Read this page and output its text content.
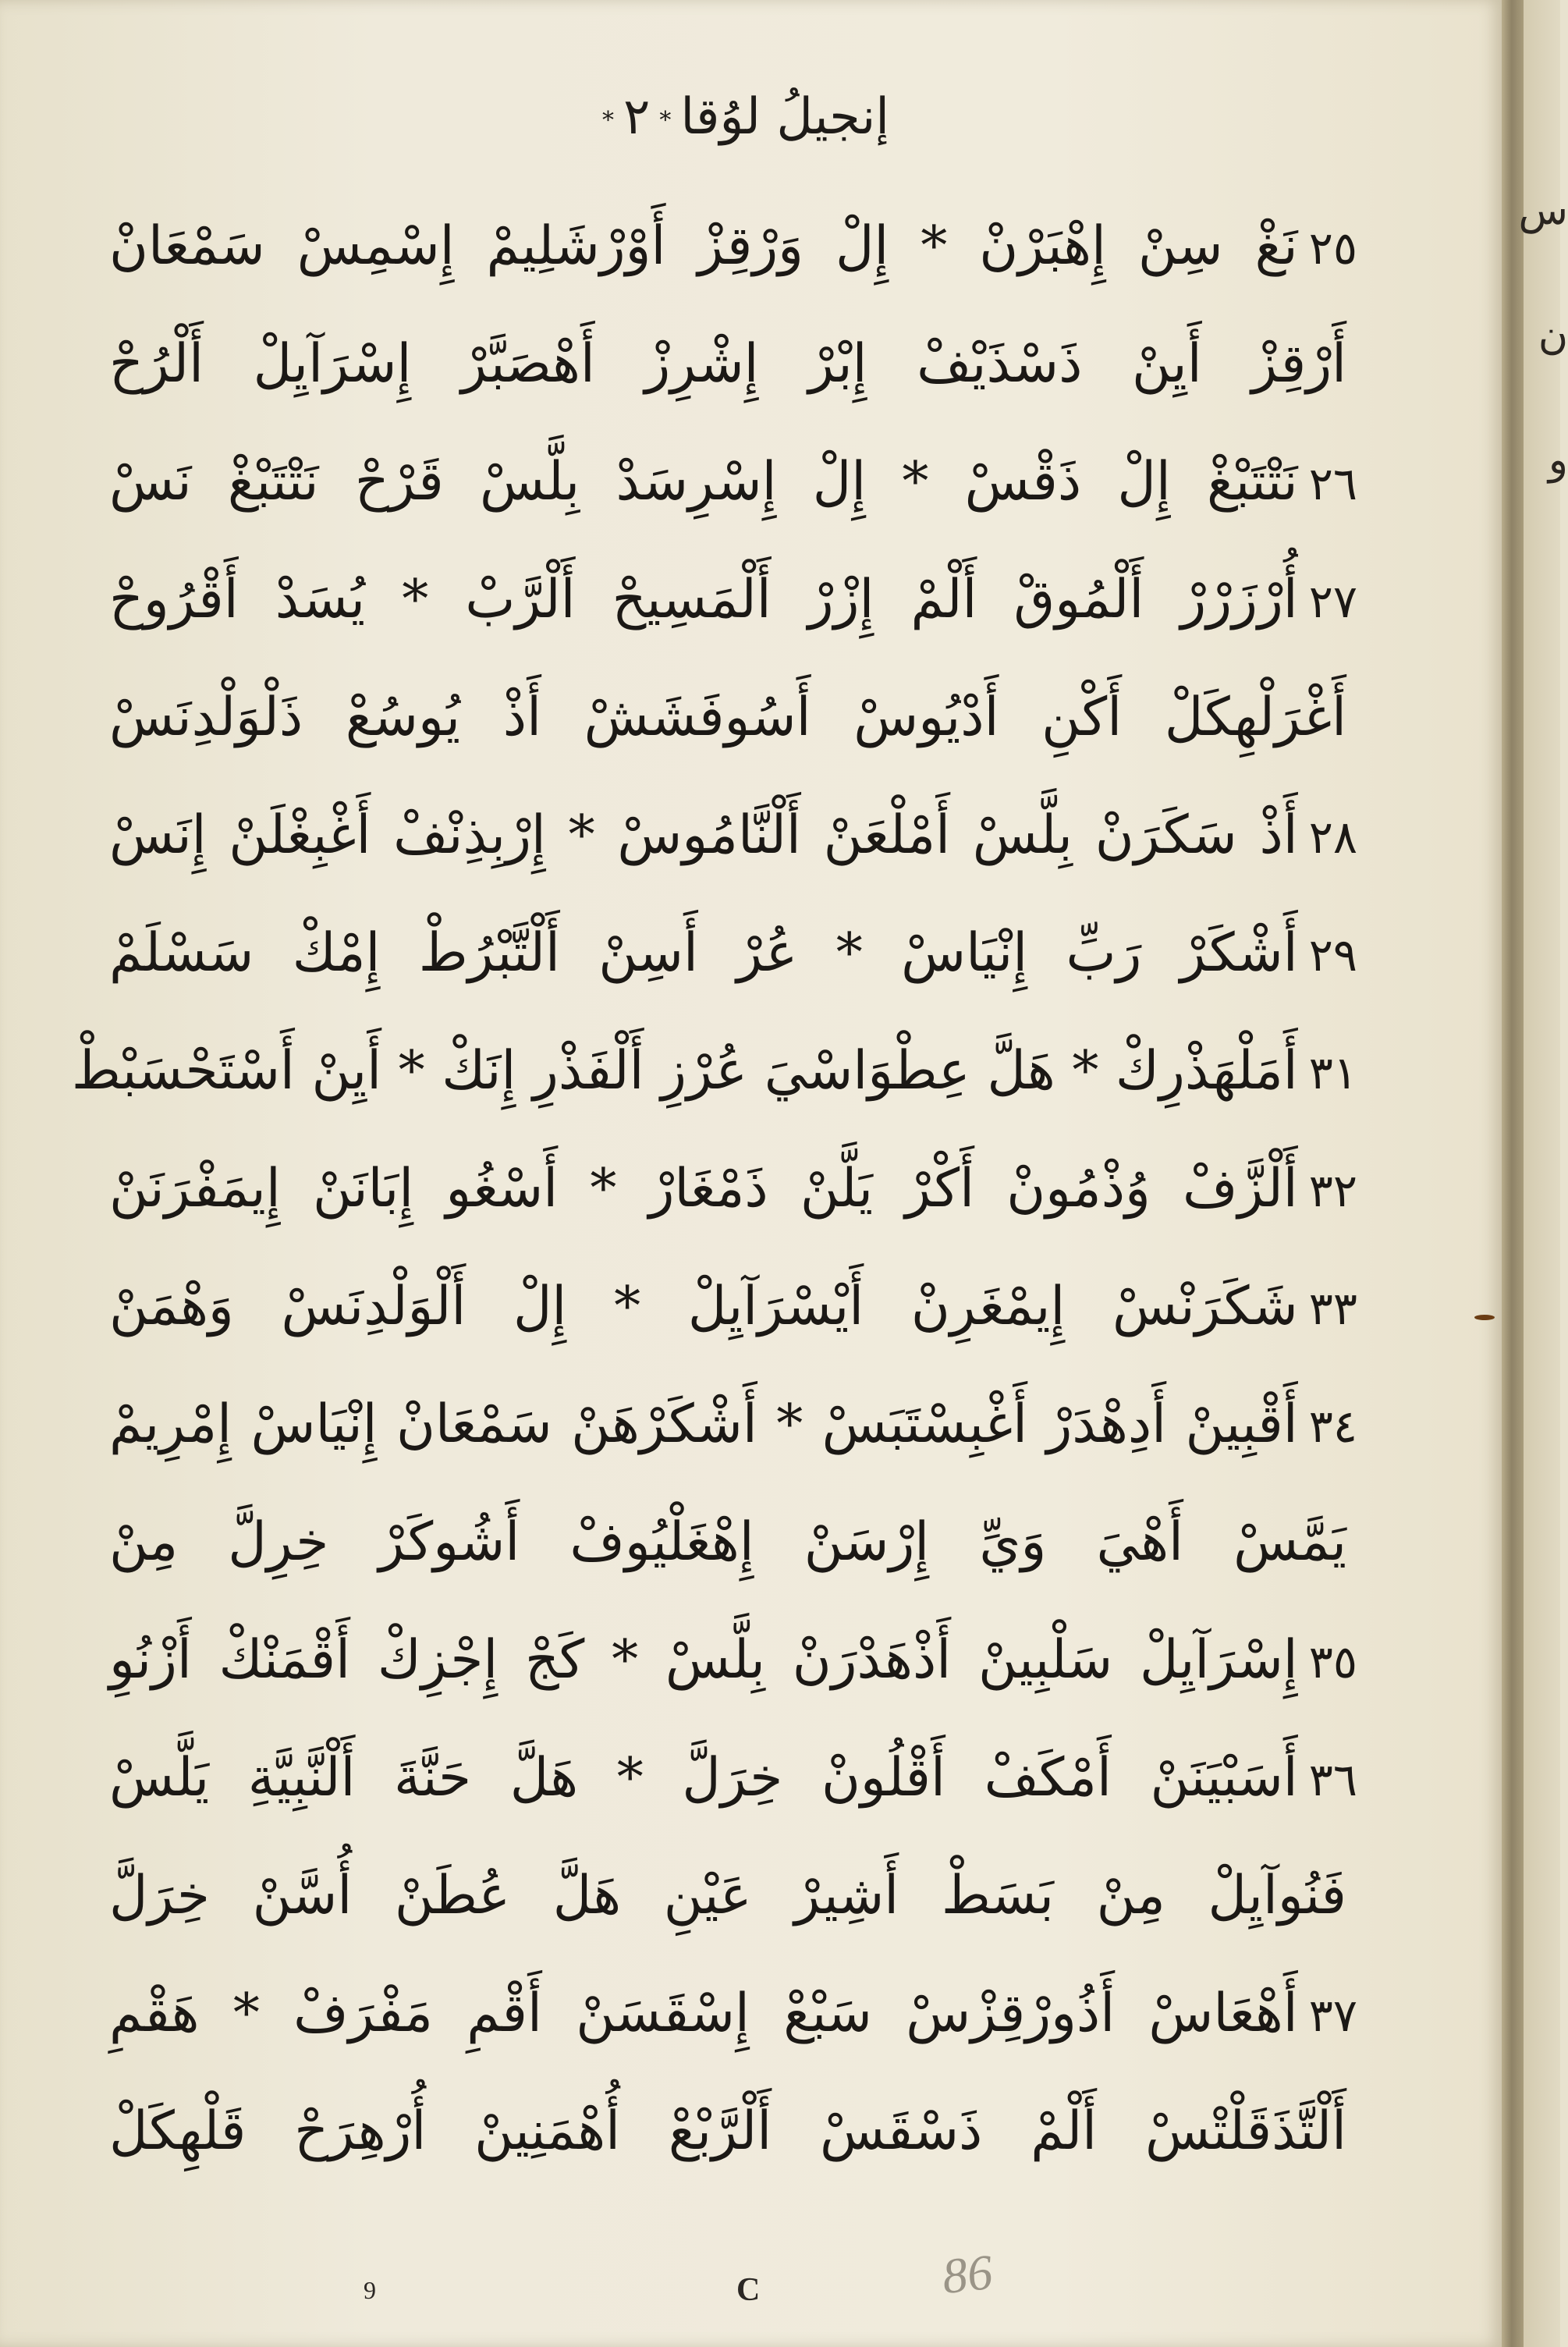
إنجيلُ لوُقا*٢*
٢٥نَغْ سِنْ إِهْبَرْنْ * إِلْ وَرْقِزْ أَوْرْشَلِيمْ إِسْمِسْ سَمْعَانْ
أَرْقِزْ أَيِنْ ذَسْذَيْفْ إِبْرْ إِشْرِزْ أَهْصَبَّرْ إِسْرَآيِلْ أَلْرُحْ
٢٦نَتْتَبْغْ إِلْ ذَقْسْ * إِلْ إِسْرِسَدْ بِلَّسْ قَرْحْ نَتْتَبْغْ نَسْ
٢٧أُرْزَرْرْ أَلْمُوقْ أَلْمْ إِزْرْ أَلْمَسِيحْ أَلْرَّبْ * يُسَدْ أَقْرُوحْ
أَغْرَلْهِكَلْ أَكْنِ أَدْيُوسْ أَسُوفَشَشْ أَذْ يُوسُعْ ذَلْوَلْدِنَسْ
٢٨أَذْ سَكَرَنْ بِلَّسْ أَمْلْعَنْ أَلْنَّامُوسْ * إِرْبِذِنْفْ أَغْبِغْلَنْ إِنَسْ
٢٩أَشْكَرْ رَبِّ إِنْيَاسْ * عُرْ أَسِنْ أَلْتَّبْرُطْ إِمْكْ سَسْلَمْ
٣١أَمَلْهَذْرِكْ * هَلَّ عِطْوَاسْيَ عُرْزِ أَلْفَذْرِ إِنَكْ * أَيِنْ أَسْتَحْسَبْطْ
٣٢أَلْزَّفْ وُذْمُونْ أَكْرْ يَلَّنْ ذَمْغَارْ * أَسْغُو إِبَانَنْ إِيمَفْرَنَنْ
٣٣شَكَرَنْسْ إِيمْغَرِنْ أَيْسْرَآيِلْ * إِلْ أَلْوَلْدِنَسْ وَهْمَنْ
٣٤أَقْبِينْ أَدِهْدَرْ أَغْبِسْتَبَسْ * أَشْكَرْهَنْ سَمْعَانْ إِنْيَاسْ إِمْرِيمْ
يَمَّسْ أَهْيَ وَيِّ إِرْسَنْ إِهْغَلْيُوفْ أَشُوكَرْ خِرِلَّ مِنْ
٣٥إِسْرَآيِلْ سَلْبِينْ أَذْهَدْرَنْ بِلَّسْ * كَجْ إِجْزِكْ أَقْمَنْكْ أَزْنُوِ
٣٦أَسَبْيَنَنْ أَمْكَفْ أَقْلُونْ خِرَلَّ * هَلَّ حَنَّةَ أَلْنَّبِيَّةِ يَلَّسْ
فَنُوآيِلْ مِنْ بَسَطْ أَشِيرْ عَيْنِ هَلَّ عُطَنْ أُسَّنْ خِرَلَّ
٣٧أَهْعَاسْ أَذُورْقِزْسْ سَبْعْ إِسْقَسَنْ أَقْمِ مَفْرَفْ * هَقْمِ
أَلْتَّذَقَلْتْسْ أَلْمْ ذَسْقَسْ أَلْرَّبْعْ أُهْمَنِينْ أُرْهِرَحْ قَلْهِكَلْ
9	C	86
س
ن
و
